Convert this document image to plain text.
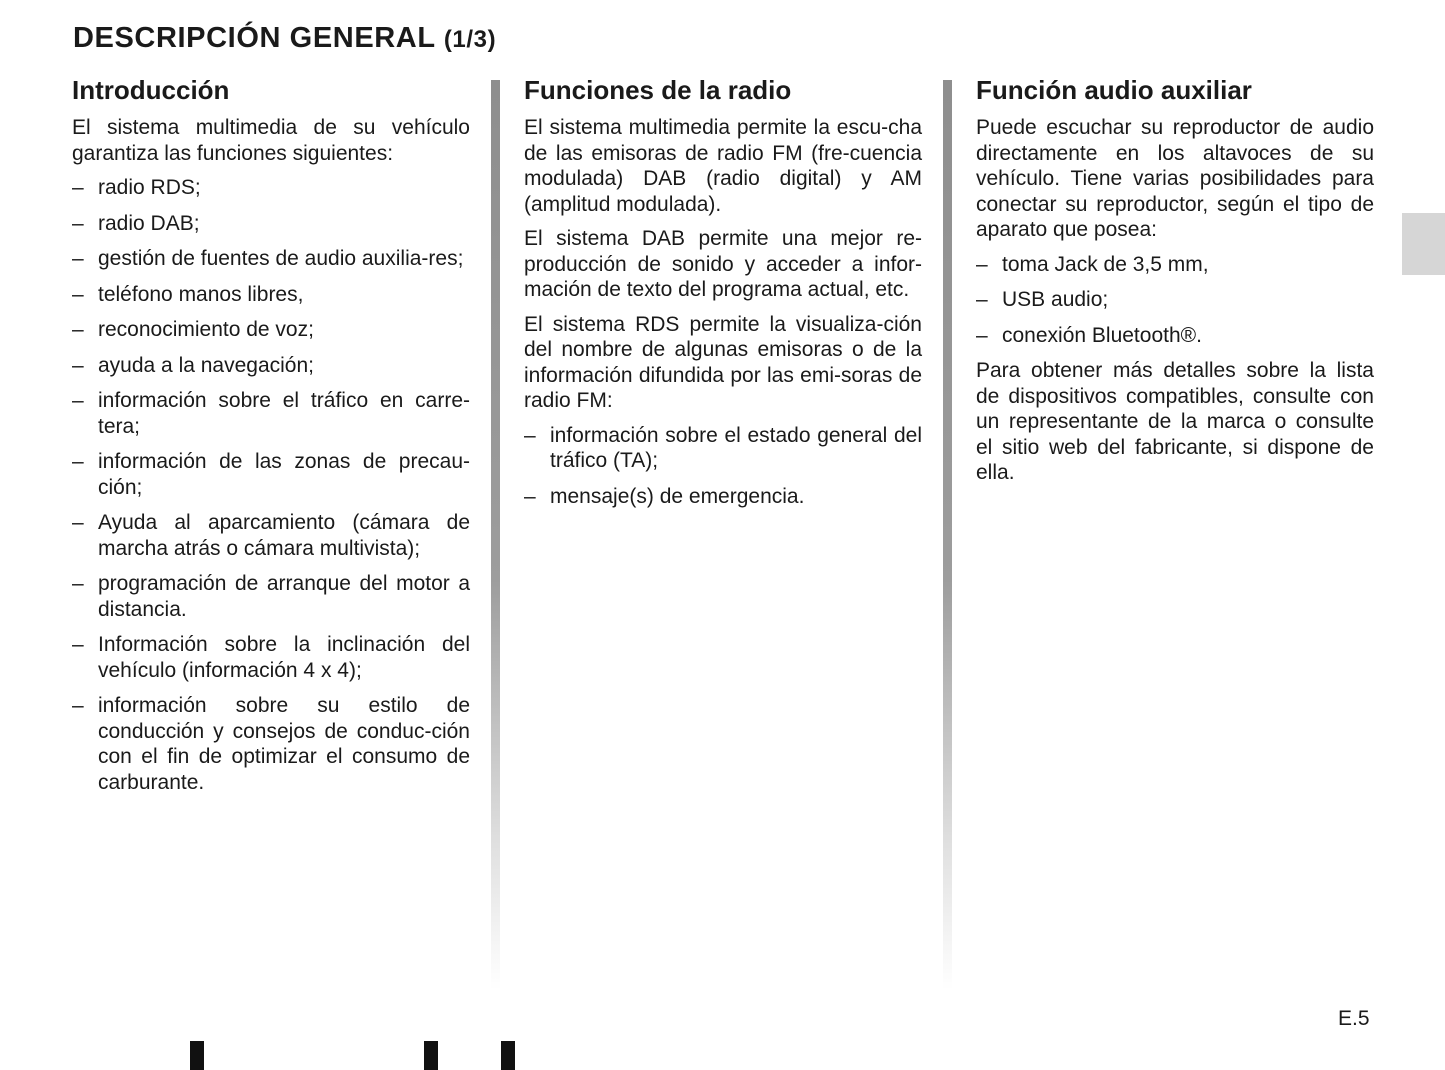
DESCRIPCIÓN GENERAL (1/3)
Introducción

El sistema multimedia de su vehículo garantiza las funciones siguientes:

– radio RDS;
– radio DAB;
– gestión de fuentes de audio auxilia-res;
– teléfono manos libres,
– reconocimiento de voz;
– ayuda a la navegación;
– información sobre el tráfico en carre-tera;
– información de las zonas de precau-ción;
– Ayuda al aparcamiento (cámara de marcha atrás o cámara multivista);
– programación de arranque del motor a distancia.
– Información sobre la inclinación del vehículo (información 4 x 4);
– información sobre su estilo de conducción y consejos de conduc-ción con el fin de optimizar el consumo de carburante.
Funciones de la radio

El sistema multimedia permite la escu-cha de las emisoras de radio FM (fre-cuencia modulada) DAB (radio digital) y AM (amplitud modulada).

El sistema DAB permite una mejor re-producción de sonido y acceder a infor-mación de texto del programa actual, etc.

El sistema RDS permite la visualiza-ción del nombre de algunas emisoras o de la información difundida por las emi-soras de radio FM:

– información sobre el estado general del tráfico (TA);
– mensaje(s) de emergencia.
Función audio auxiliar

Puede escuchar su reproductor de audio directamente en los altavoces de su vehículo. Tiene varias posibilidades para conectar su reproductor, según el tipo de aparato que posea:

– toma Jack de 3,5 mm,
– USB audio;
– conexión Bluetooth®.

Para obtener más detalles sobre la lista de dispositivos compatibles, consulte con un representante de la marca o consulte el sitio web del fabricante, si dispone de ella.

E.5
